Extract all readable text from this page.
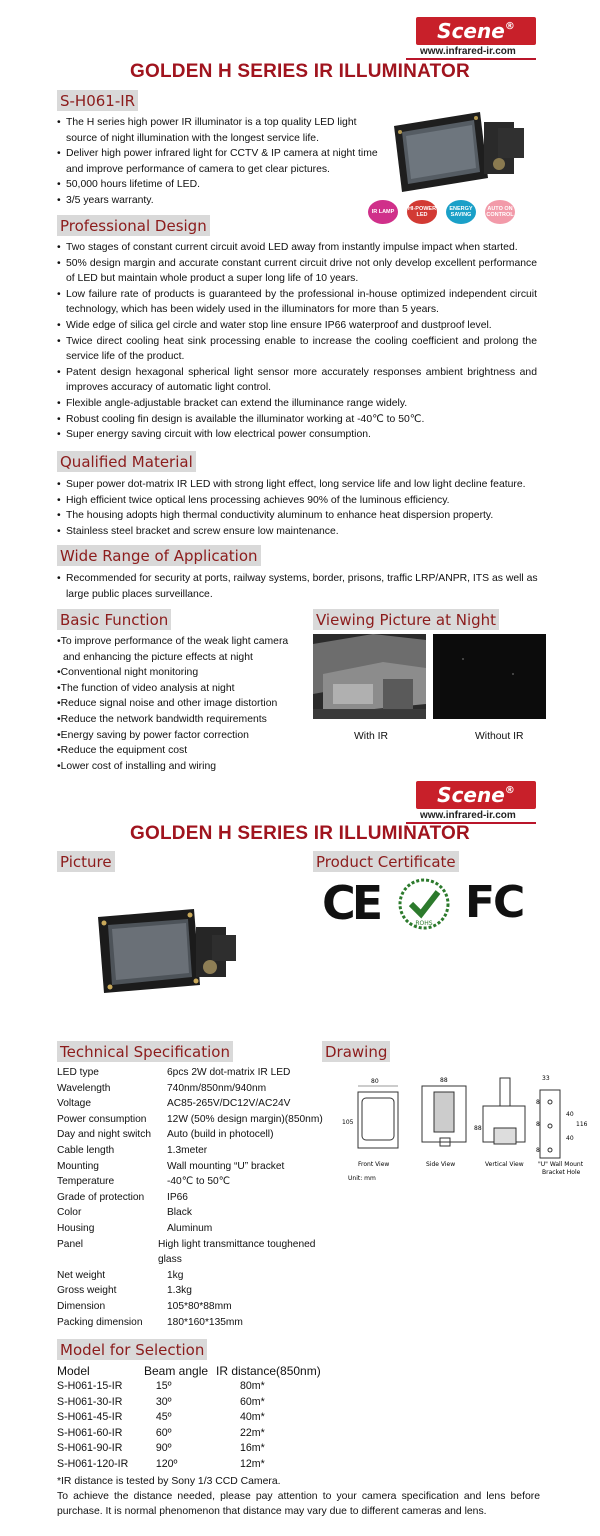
Scene®
www.infrared-ir.com
GOLDEN H SERIES IR ILLUMINATOR
S-H061-IR
• The H series high power IR illuminator is a top quality LED light source of night illumination with the longest service life.
• Deliver high power infrared light for CCTV & IP camera at night time and improve performance of camera to get clear pictures.
• 50,000 hours lifetime of LED.
• 3/5 years warranty.
IR LAMP HI-POWER LED
ENERGY SAVING
AUTO ON CONTROL
Professional Design
• Two stages of constant current circuit avoid LED away from instantly impulse impact when started.
• 50% design margin and accurate constant current circuit drive not only develop excellent performance of LED but maintain whole product a super long life of 10 years.
• Low failure rate of products is guaranteed by the professional in-house optimized independent circuit technology, which has been widely used in the illuminators for more than 5 years.
• Wide edge of silica gel circle and water stop line ensure IP66 waterproof and dustproof level.
• Twice direct cooling heat sink processing enable to increase the cooling coefficient and prolong the service life of the product.
• Patent design hexagonal spherical light sensor more accurately responses ambient brightness and improves accuracy of automatic light control.
• Flexible angle-adjustable bracket can extend the illuminance range widely.
• Robust cooling fin design is available the illuminator working at -40℃ to 50℃.
• Super energy saving circuit with low electrical power consumption.
Qualified Material
• Super power dot-matrix IR LED with strong light effect, long service life and low light decline feature.
• High efficient twice optical lens processing achieves 90% of the luminous efficiency.
• The housing adopts high thermal conductivity aluminum to enhance heat dispersion property.
• Stainless steel bracket and screw ensure low maintenance.
Wide Range of Application
• Recommended for security at ports, railway systems, border, prisons, traffic LRP/ANPR, ITS as well as large public places surveillance.
Basic Function	Viewing Picture at Night
• To improve performance of the weak light camera
and enhancing the picture effects at night
• Conventional night monitoring
• The function of video analysis at night
• Reduce signal noise and other image distortion
• Reduce the network bandwidth requirements
• Energy saving by power factor correction
• Reduce the equipment cost
• Lower cost of installing and wiring
With IR	Without IR
Scene®
www.infrared-ir.com
GOLDEN H SERIES IR ILLUMINATOR
Picture	Product Certificate
CE	ROHS FC
Technical Specification	Drawing
LED type	6pcs 2W dot-matrix IR LED
Wavelength	740nm/850nm/940nm
Voltage	AC85-265V/DC12V/AC24V
Power consumption	12W (50% design margin)(850nm)
Day and night switch	Auto (build in photocell)
Cable length	1.3meter
Mounting	Wall mounting “U” bracket
Temperature	-40℃ to 50℃
Grade of protection	IP66
Color	Black
Housing	Aluminum
Panel	High light transmittance toughened glass
Net weight	1kg
Gross weight	1.3kg
Dimension	105*80*88mm
Packing dimension	180*160*135mm
80
105
88
88
33
40
40
116
8
8
8
Front View	Side View	Vertical View "U" Wall Mount
Bracket Hole
Unit: mm
Model for Selection
Model	Beam angle IR distance(850nm)
S-H061-15-IR	15º	80m*
S-H061-30-IR	30º	60m*
S-H061-45-IR	45º	40m*
S-H061-60-IR	60º	22m*
S-H061-90-IR	90º	16m*
S-H061-120-IR	120º	12m*
*IR distance is tested by Sony 1/3 CCD Camera.
To achieve the distance needed, please pay attention to your camera specification and lens before purchase. It is normal phenomenon that distance may vary due to different cameras and lens.
